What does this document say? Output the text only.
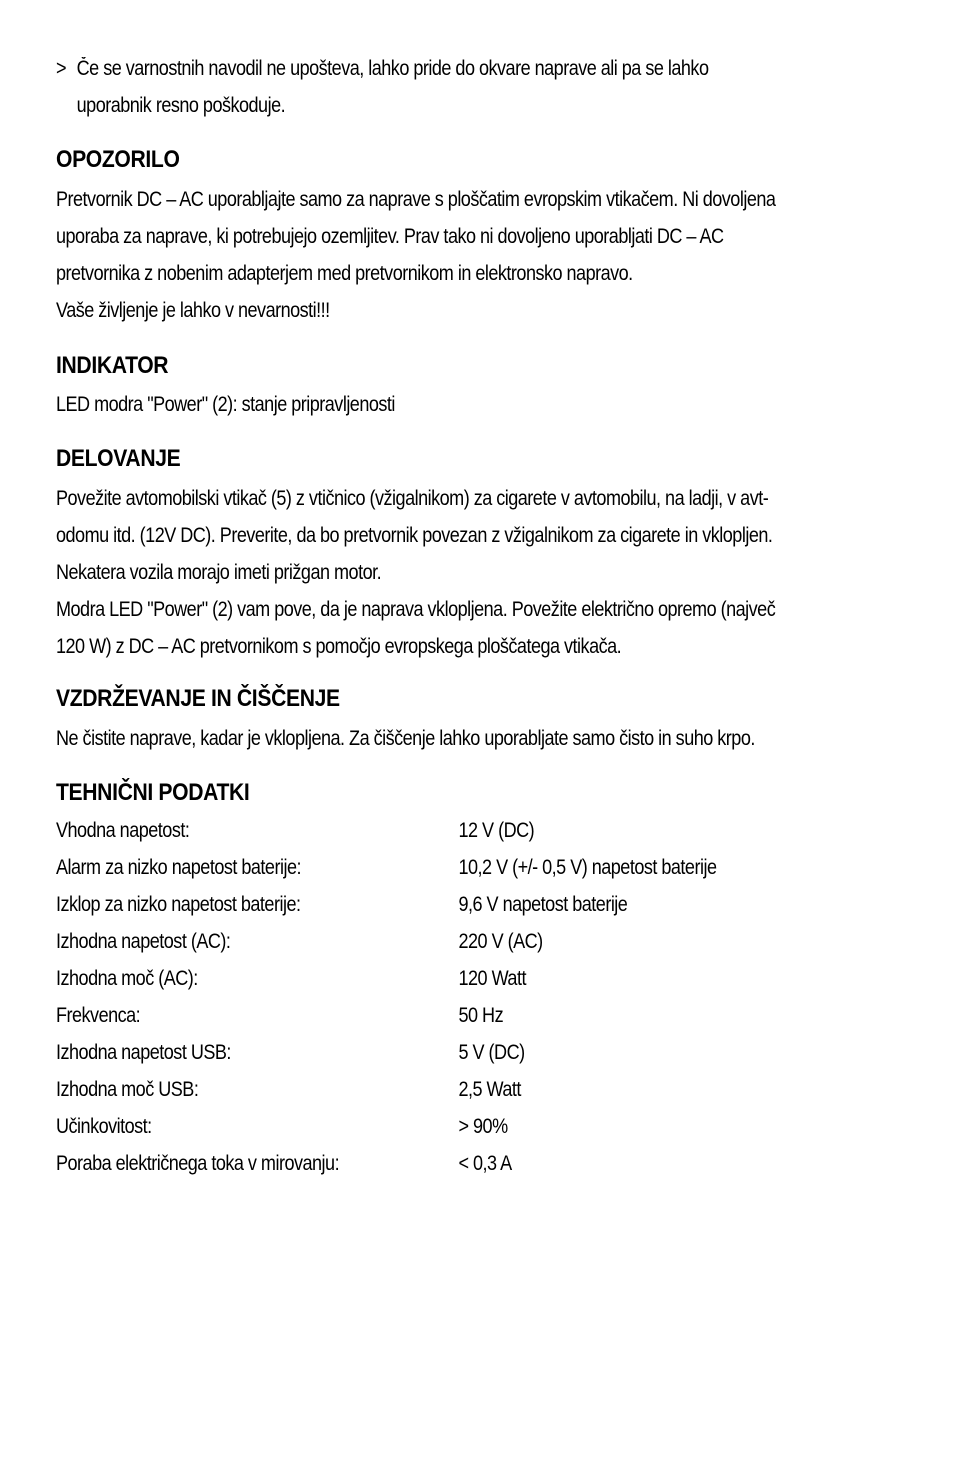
> Če se varnostnih navodil ne upošteva, lahko pride do okvare naprave ali pa se lahko
uporabnik resno poškoduje.
OPOZORILO
Pretvornik DC – AC uporabljajte samo za naprave s ploščatim evropskim vtikačem. Ni dovoljena
uporaba za naprave, ki potrebujejo ozemljitev. Prav tako ni dovoljeno uporabljati DC – AC
pretvornika z nobenim adapterjem med pretvornikom in elektronsko napravo.
Vaše življenje je lahko v nevarnosti!!!
INDIKATOR
LED modra "Power" (2): stanje pripravljenosti
DELOVANJE
Povežite avtomobilski vtikač (5) z vtičnico (vžigalnikom) za cigarete v avtomobilu, na ladji, v avt-
odomu itd. (12V DC). Preverite, da bo pretvornik povezan z vžigalnikom za cigarete in vklopljen.
Nekatera vozila morajo imeti prižgan motor.
Modra LED "Power" (2) vam pove, da je naprava vklopljena. Povežite električno opremo (največ
120 W) z DC – AC pretvornikom s pomočjo evropskega ploščatega vtikača.
VZDRŽEVANJE IN ČIŠČENJE
Ne čistite naprave, kadar je vklopljena. Za čiščenje lahko uporabljate samo čisto in suho krpo.
TEHNIČNI PODATKI
Vhodna napetost:	12 V (DC)
Alarm za nizko napetost baterije:	10,2 V (+/- 0,5 V) napetost baterije
Izklop za nizko napetost baterije:	9,6 V napetost baterije
Izhodna napetost (AC):	220 V (AC)
Izhodna moč (AC):	120 Watt
Frekvenca:	50 Hz
Izhodna napetost USB:	5 V (DC)
Izhodna moč USB:	2,5 Watt
Učinkovitost:	> 90%
Poraba električnega toka v mirovanju:	< 0,3 A
